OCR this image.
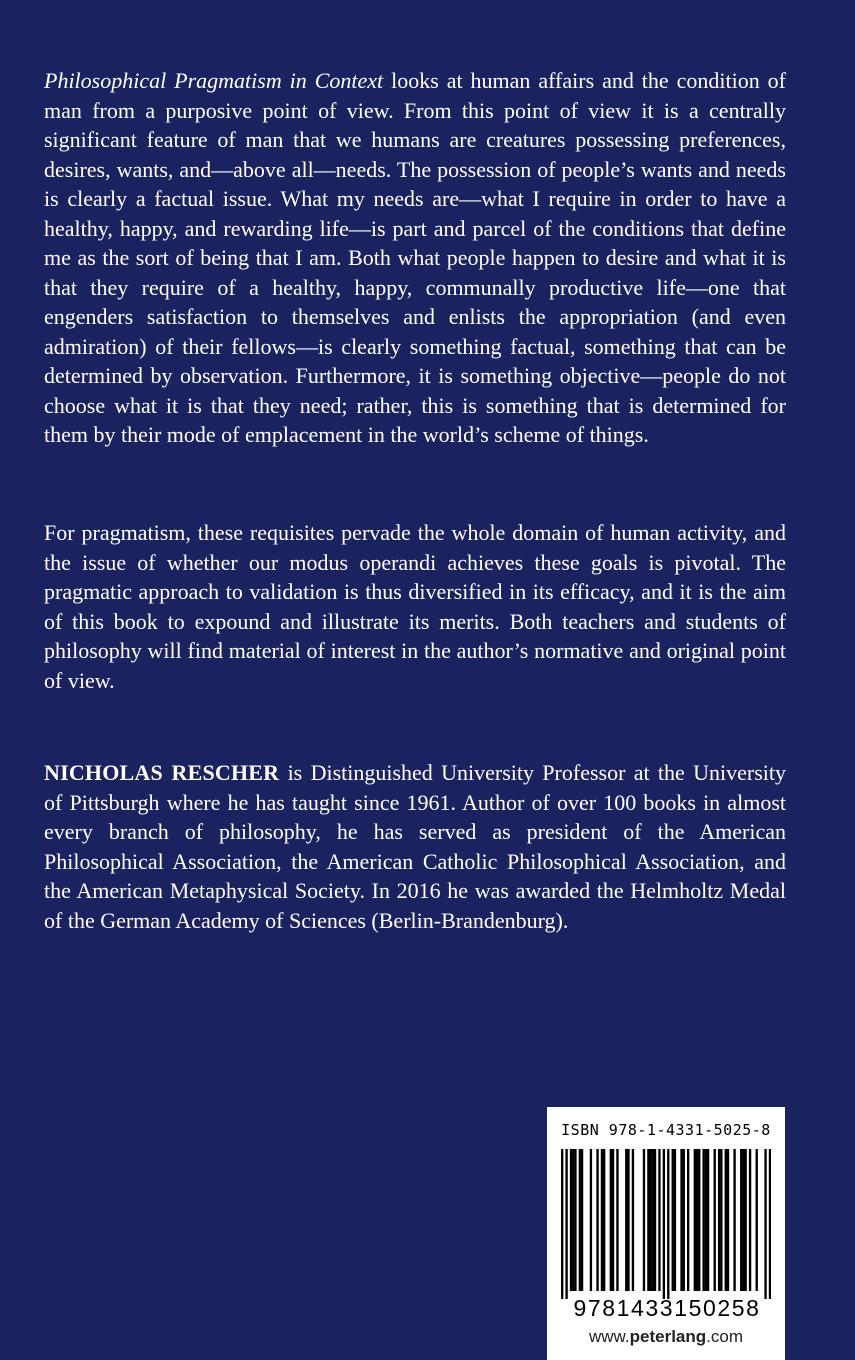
Philosophical Pragmatism in Context looks at human affairs and the condition of man from a purposive point of view. From this point of view it is a centrally significant feature of man that we humans are creatures possessing preferences, desires, wants, and—above all—needs. The possession of people’s wants and needs is clearly a factual issue. What my needs are—what I require in order to have a healthy, happy, and rewarding life—is part and parcel of the conditions that define me as the sort of being that I am. Both what people happen to desire and what it is that they require of a healthy, happy, communally productive life—one that engenders satisfaction to themselves and enlists the appropriation (and even admiration) of their fellows—is clearly something factual, something that can be determined by observation. Furthermore, it is something objective—people do not choose what it is that they need; rather, this is something that is determined for them by their mode of emplacement in the world’s scheme of things.

For pragmatism, these requisites pervade the whole domain of human activity, and the issue of whether our modus operandi achieves these goals is pivotal. The pragmatic approach to validation is thus diversified in its efficacy, and it is the aim of this book to expound and illustrate its merits. Both teachers and students of philosophy will find material of interest in the author’s normative and original point of view.

NICHOLAS RESCHER is Distinguished University Professor at the University of Pittsburgh where he has taught since 1961. Author of over 100 books in almost every branch of philosophy, he has served as president of the American Philosophical Association, the American Catholic Philosophical Association, and the American Metaphysical Society. In 2016 he was awarded the Helmholtz Medal of the German Academy of Sciences (Berlin-Brandenburg).

ISBN 978-1-4331-5025-8
9781433150258
www.peterlang.com
